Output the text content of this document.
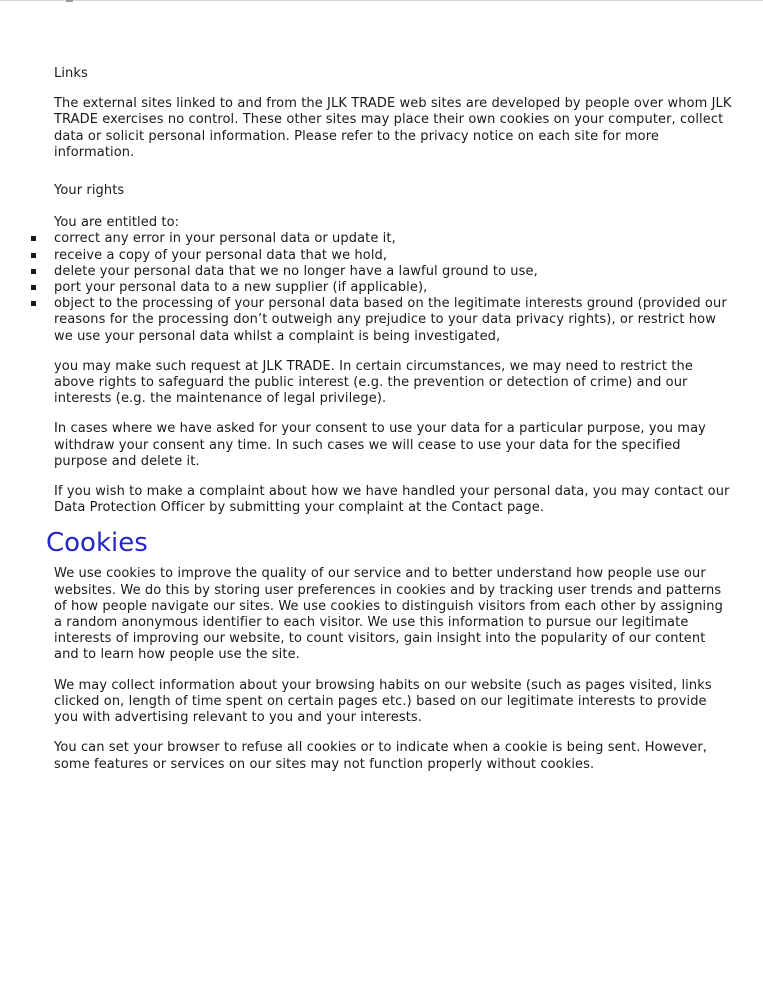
Links

The external sites linked to and from the JLK TRADE web sites are developed by people over whom JLK TRADE exercises no control. These other sites may place their own cookies on your computer, collect data or solicit personal information. Please refer to the privacy notice on each site for more information.

Your rights

You are entitled to:

correct any error in your personal data or update it,
receive a copy of your personal data that we hold,
delete your personal data that we no longer have a lawful ground to use,
port your personal data to a new supplier (if applicable),
object to the processing of your personal data based on the legitimate interests ground (provided our reasons for the processing don’t outweigh any prejudice to your data privacy rights), or restrict how we use your personal data whilst a complaint is being investigated,

you may make such request at JLK TRADE. In certain circumstances, we may need to restrict the above rights to safeguard the public interest (e.g. the prevention or detection of crime) and our interests (e.g. the maintenance of legal privilege).

In cases where we have asked for your consent to use your data for a particular purpose, you may withdraw your consent any time. In such cases we will cease to use your data for the specified purpose and delete it.

If you wish to make a complaint about how we have handled your personal data, you may contact our Data Protection Officer by submitting your complaint at the Contact page.

Cookies

We use cookies to improve the quality of our service and to better understand how people use our websites. We do this by storing user preferences in cookies and by tracking user trends and patterns of how people navigate our sites. We use cookies to distinguish visitors from each other by assigning a random anonymous identifier to each visitor. We use this information to pursue our legitimate interests of improving our website, to count visitors, gain insight into the popularity of our content and to learn how people use the site.

We may collect information about your browsing habits on our website (such as pages visited, links clicked on, length of time spent on certain pages etc.) based on our legitimate interests to provide you with advertising relevant to you and your interests.

You can set your browser to refuse all cookies or to indicate when a cookie is being sent. However, some features or services on our sites may not function properly without cookies.
